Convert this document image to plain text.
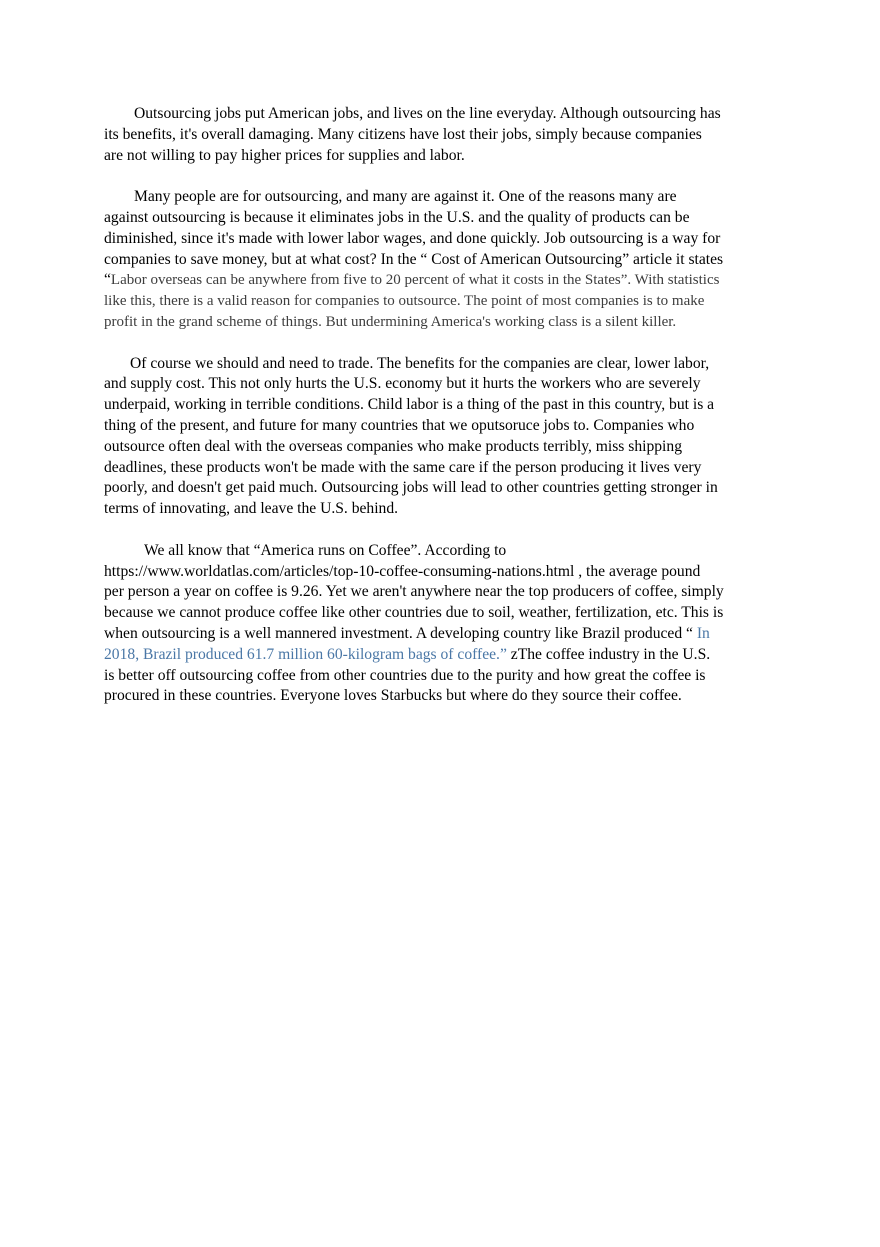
Outsourcing jobs put American jobs, and lives on the line everyday. Although outsourcing has its benefits, it's overall damaging. Many citizens have lost their jobs, simply because companies are not willing to pay higher prices for supplies and labor.

Many people are for outsourcing, and many are against it. One of the reasons many are against outsourcing is because it eliminates jobs in the U.S. and the quality of products can be diminished, since it's made with lower labor wages, and done quickly. Job outsourcing is a way for companies to save money, but at what cost? In the “ Cost of American Outsourcing” article it states “Labor overseas can be anywhere from five to 20 percent of what it costs in the States”. With statistics like this, there is a valid reason for companies to outsource. The point of most companies is to make profit in the grand scheme of things. But undermining America's working class is a silent killer.

Of course we should and need to trade. The benefits for the companies are clear, lower labor, and supply cost. This not only hurts the U.S. economy but it hurts the workers who are severely underpaid, working in terrible conditions. Child labor is a thing of the past in this country, but is a thing of the present, and future for many countries that we oputsoruce jobs to. Companies who outsource often deal with the overseas companies who make products terribly, miss shipping deadlines, these products won't be made with the same care if the person producing it lives very poorly, and doesn't get paid much. Outsourcing jobs will lead to other countries getting stronger in terms of innovating, and leave the U.S. behind.

We all know that “America runs on Coffee”. According to https://www.worldatlas.com/articles/top-10-coffee-consuming-nations.html , the average pound per person a year on coffee is 9.26. Yet we aren't anywhere near the top producers of coffee, simply because we cannot produce coffee like other countries due to soil, weather, fertilization, etc. This is when outsourcing is a well mannered investment. A developing country like Brazil produced “ In 2018, Brazil produced 61.7 million 60-kilogram bags of coffee.” zThe coffee industry in the U.S. is better off outsourcing coffee from other countries due to the purity and how great the coffee is procured in these countries. Everyone loves Starbucks but where do they source their coffee.
